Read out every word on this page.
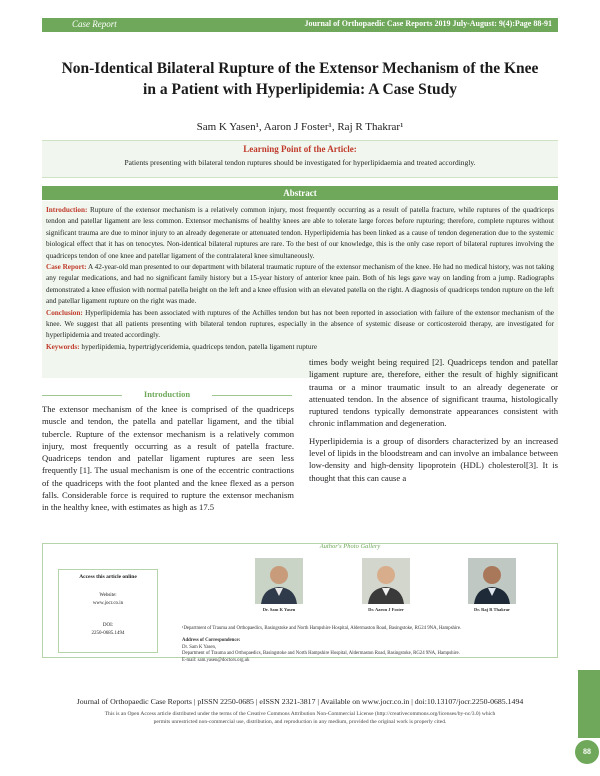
Case Report	Journal of Orthopaedic Case Reports 2019 July-August: 9(4):Page 88-91
Non-Identical Bilateral Rupture of the Extensor Mechanism of the Knee
in a Patient with Hyperlipidemia: A Case Study
Sam K Yasen¹, Aaron J Foster¹, Raj R Thakrar¹
Learning Point of the Article:
Patients presenting with bilateral tendon ruptures should be investigated for hyperlipidaemia and treated accordingly.
Abstract

Introduction: Rupture of the extensor mechanism is a relatively common injury, most frequently occurring as a result of patella fracture, while ruptures of the quadriceps tendon and patellar ligament are less common. Extensor mechanisms of healthy knees are able to tolerate large forces before rupturing; therefore, complete ruptures without significant trauma are due to minor injury to an already degenerate or attenuated tendon. Hyperlipidemia has been linked as a cause of tendon degeneration due to the systemic biological effect that it has on tenocytes. Non-identical bilateral ruptures are rare. To the best of our knowledge, this is the only case report of bilateral ruptures involving the quadriceps tendon of one knee and patellar ligament of the contralateral knee simultaneously.

Case Report: A 42-year-old man presented to our department with bilateral traumatic rupture of the extensor mechanism of the knee. He had no medical history, was not taking any regular medications, and had no significant family history but a 15-year history of anterior knee pain. Both of his legs gave way on landing from a jump. Radiographs demonstrated a knee effusion with normal patella height on the left and a knee effusion with an elevated patella on the right. A diagnosis of quadriceps tendon rupture on the left and patellar ligament rupture on the right was made.

Conclusion: Hyperlipidemia has been associated with ruptures of the Achilles tendon but has not been reported in association with failure of the extensor mechanism of the knee. We suggest that all patients presenting with bilateral tendon ruptures, especially in the absence of systemic disease or corticosteroid therapy, are investigated for hyperlipidemia and treated accordingly.

Keywords: hyperlipidemia, hypertriglyceridemia, quadriceps tendon, patella ligament rupture

Introduction
The extensor mechanism of the knee is comprised of the quadriceps muscle and tendon, the patella and patellar ligament, and the tibial tubercle. Rupture of the extensor mechanism is a relatively common injury, most frequently occurring as a result of patella fracture. Quadriceps tendon and patellar ligament ruptures are seen less frequently [1]. The usual mechanism is one of the eccentric contractions of the quadriceps with the foot planted and the knee flexed as a person falls. Considerable force is required to rupture the extensor mechanism in the healthy knee, with estimates as high as 17.5

times body weight being required [2]. Quadriceps tendon and patellar ligament rupture are, therefore, either the result of highly significant trauma or a minor traumatic insult to an already degenerate or attenuated tendon. In the absence of significant trauma, histologically ruptured tendons typically demonstrate appearances consistent with chronic inflammation and degeneration.

Hyperlipidemia is a group of disorders characterized by an increased level of lipids in the bloodstream and can involve an imbalance between low-density and high-density lipoprotein (HDL) cholesterol[3]. It is thought that this can cause a

Author's Photo Gallery
Access this article online
Website:
www.jocr.co.in
DOI:
2250-0685.1494
Dr. Sam K Yasen	Dr. Aaron J Foster	Dr. Raj R Thakrar
¹Department of Trauma and Orthopaedics, Basingstoke and North Hampshire Hospital, Aldermaston Road, Basingstoke, RG24 9NA, Hampshire.
Address of Correspondence:
Dr. Sam K Yasen,
Department of Trauma and Orthopaedics, Basingstoke and North Hampshire Hospital, Aldermaston Road, Basingstoke, RG24 9NA, Hampshire.
E-mail: sam.yasen@doctors.org.uk
Journal of Orthopaedic Case Reports | pISSN 2250-0685 | eISSN 2321-3817 | Available on www.jocr.co.in | doi:10.13107/jocr.2250-0685.1494
This is an Open Access article distributed under the terms of the Creative Commons Attribution Non-Commercial License (http://creativecommons.org/licenses/by-nc/3.0) which
permits unrestricted non-commercial use, distribution, and reproduction in any medium, provided the original work is properly cited.
88
